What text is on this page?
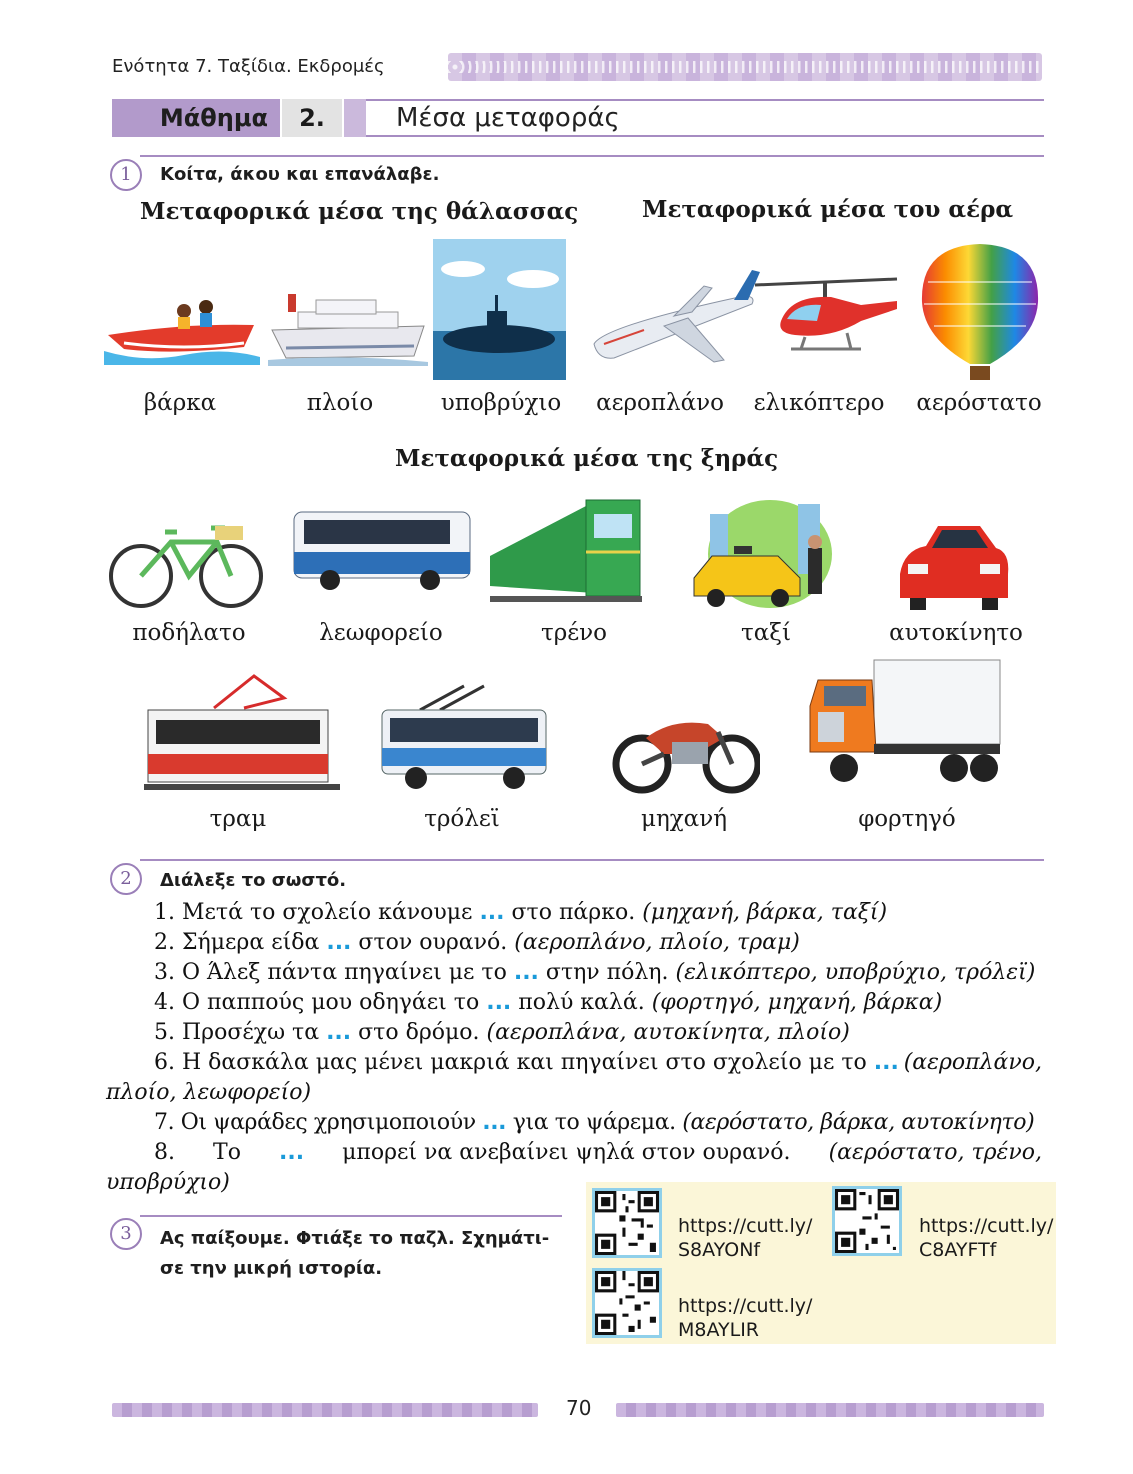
Ενότητα 7. Ταξίδια. Εκδρομές
Μάθημα	2.	Μέσα μεταφοράς
1	Κοίτα, άκου και επανάλαβε.
Μεταφορικά μέσα της θάλασσας	Μεταφορικά μέσα του αέρα
βάρκα	πλοίο	υποβρύχιο	αεροπλάνο	ελικόπτερο αερόστατο
Μεταφορικά μέσα της ξηράς
ποδήλατο	λεωφορείο	τρένο	ταξί	αυτοκίνητο
τραμ	τρόλεϊ	μηχανή	φορτηγό
2	Διάλεξε το σωστό.
1. Μετά το σχολείο κάνουμε ... στο πάρκο. (μηχανή, βάρκα, ταξί)
2. Σήμερα είδα ... στον ουρανό. (αεροπλάνο, πλοίο, τραμ)
3. Ο Άλεξ πάντα πηγαίνει με το ... στην πόλη. (ελικόπτερο, υποβρύχιο, τρόλεϊ)
4. Ο παππούς μου οδηγάει το ... πολύ καλά. (φορτηγό, μηχανή, βάρκα)
5. Προσέχω τα ... στο δρόμο. (αεροπλάνα, αυτοκίνητα, πλοίο)
6. Η δασκάλα μας μένει μακριά και πηγαίνει στο σχολείο με το ... (αεροπλάνο,
πλοίο, λεωφορείο)
7. Οι ψαράδες χρησιμοποιούν ... για το ψάρεμα. (αερόστατο, βάρκα, αυτοκίνητο)
8. Το ... μπορεί να ανεβαίνει ψηλά στον ουρανό. (αερόστατο, τρένο,
υποβρύχιο)
3	Ας παίξουμε. Φτιάξε το παζλ. Σχημάτι-
σε την μικρή ιστορία.
https://cutt.ly/
S8AYONf
https://cutt.ly/
C8AYFTf
https://cutt.ly/
M8AYLIR
70
